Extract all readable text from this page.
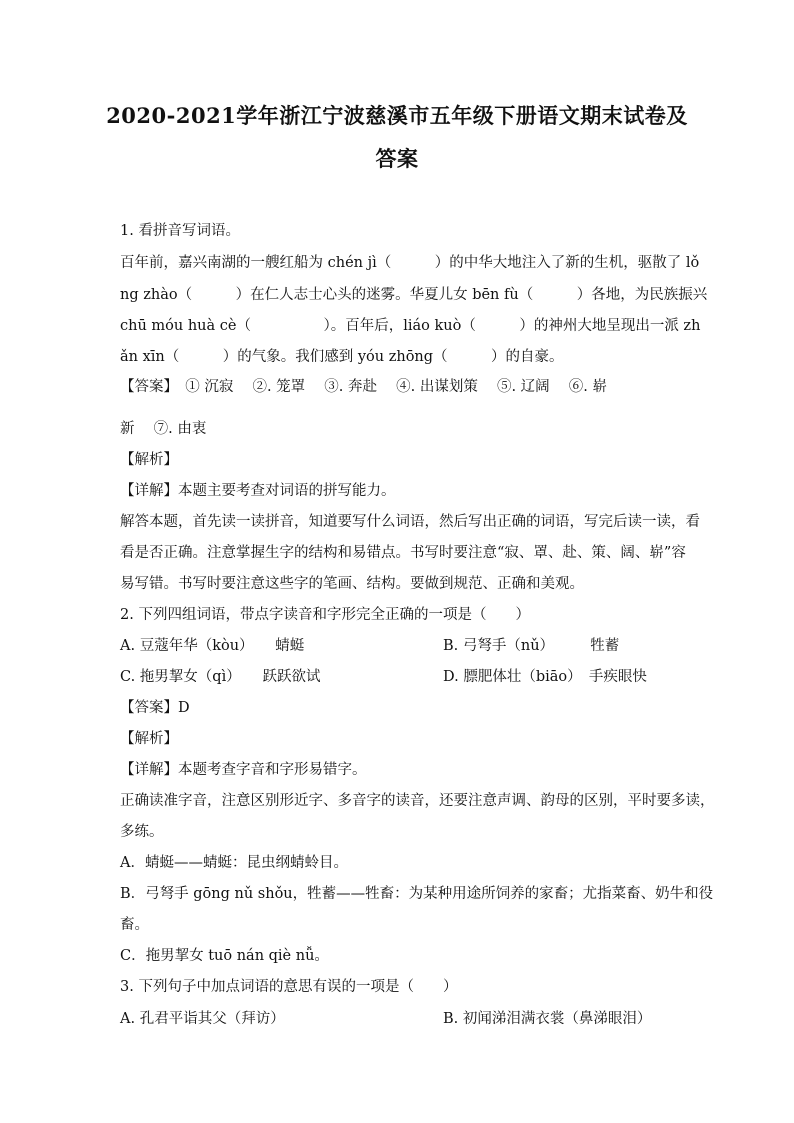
2020-2021学年浙江宁波慈溪市五年级下册语文期末试卷及
答案
1. 看拼音写词语。
百年前，嘉兴南湖的一艘红船为 chén jì（　　　）的中华大地注入了新的生机，驱散了 lǒ
ng zhào（　　　）在仁人志士心头的迷雾。华夏儿女 bēn fù（　　　）各地，为民族振兴
chū móu huà cè（　　　　　）。百年后，liáo kuò（　　　）的神州大地呈现出一派 zh
ǎn xīn（　　　）的气象。我们感到 yóu zhōng（　　　）的自豪。
【答案】　① 沉寂　 ②. 笼罩　 ③. 奔赴　 ④. 出谋划策　 ⑤. 辽阔　 ⑥. 崭
新　 ⑦. 由衷
【解析】
【详解】本题主要考查对词语的拼写能力。
解答本题，首先读一读拼音，知道要写什么词语，然后写出正确的词语，写完后读一读，看
看是否正确。注意掌握生字的结构和易错点。书写时要注意“寂、罩、赴、策、阔、崭”容
易写错。书写时要注意这些字的笔画、结构。要做到规范、正确和美观。
2. 下列四组词语，带点字读音和字形完全正确的一项是（　　）
A. 豆蔻年华（kòu）　　蜻蜓	B. 弓弩手（nǔ）　　　牲蓄
C. 拖男挈女（qì）　　跃跃欲试	D. 膘肥体壮（biāo）　手疾眼快
【答案】D
【解析】
【详解】本题考查字音和字形易错字。
正确读准字音，注意区别形近字、多音字的读音，还要注意声调、韵母的区别，平时要多读，
多练。
A．蜻蜓——蜻蜓：昆虫纲蜻蛉目。
B．弓弩手 gōng nǔ shǒu，牲蓄——牲畜：为某种用途所饲养的家畜；尤指菜畜、奶牛和役
畜。
C．拖男挈女 tuō nán qiè nǚ。
3. 下列句子中加点词语的意思有误的一项是（　　）
A. 孔君平诣其父（拜访）	B. 初闻涕泪满衣裳（鼻涕眼泪）
